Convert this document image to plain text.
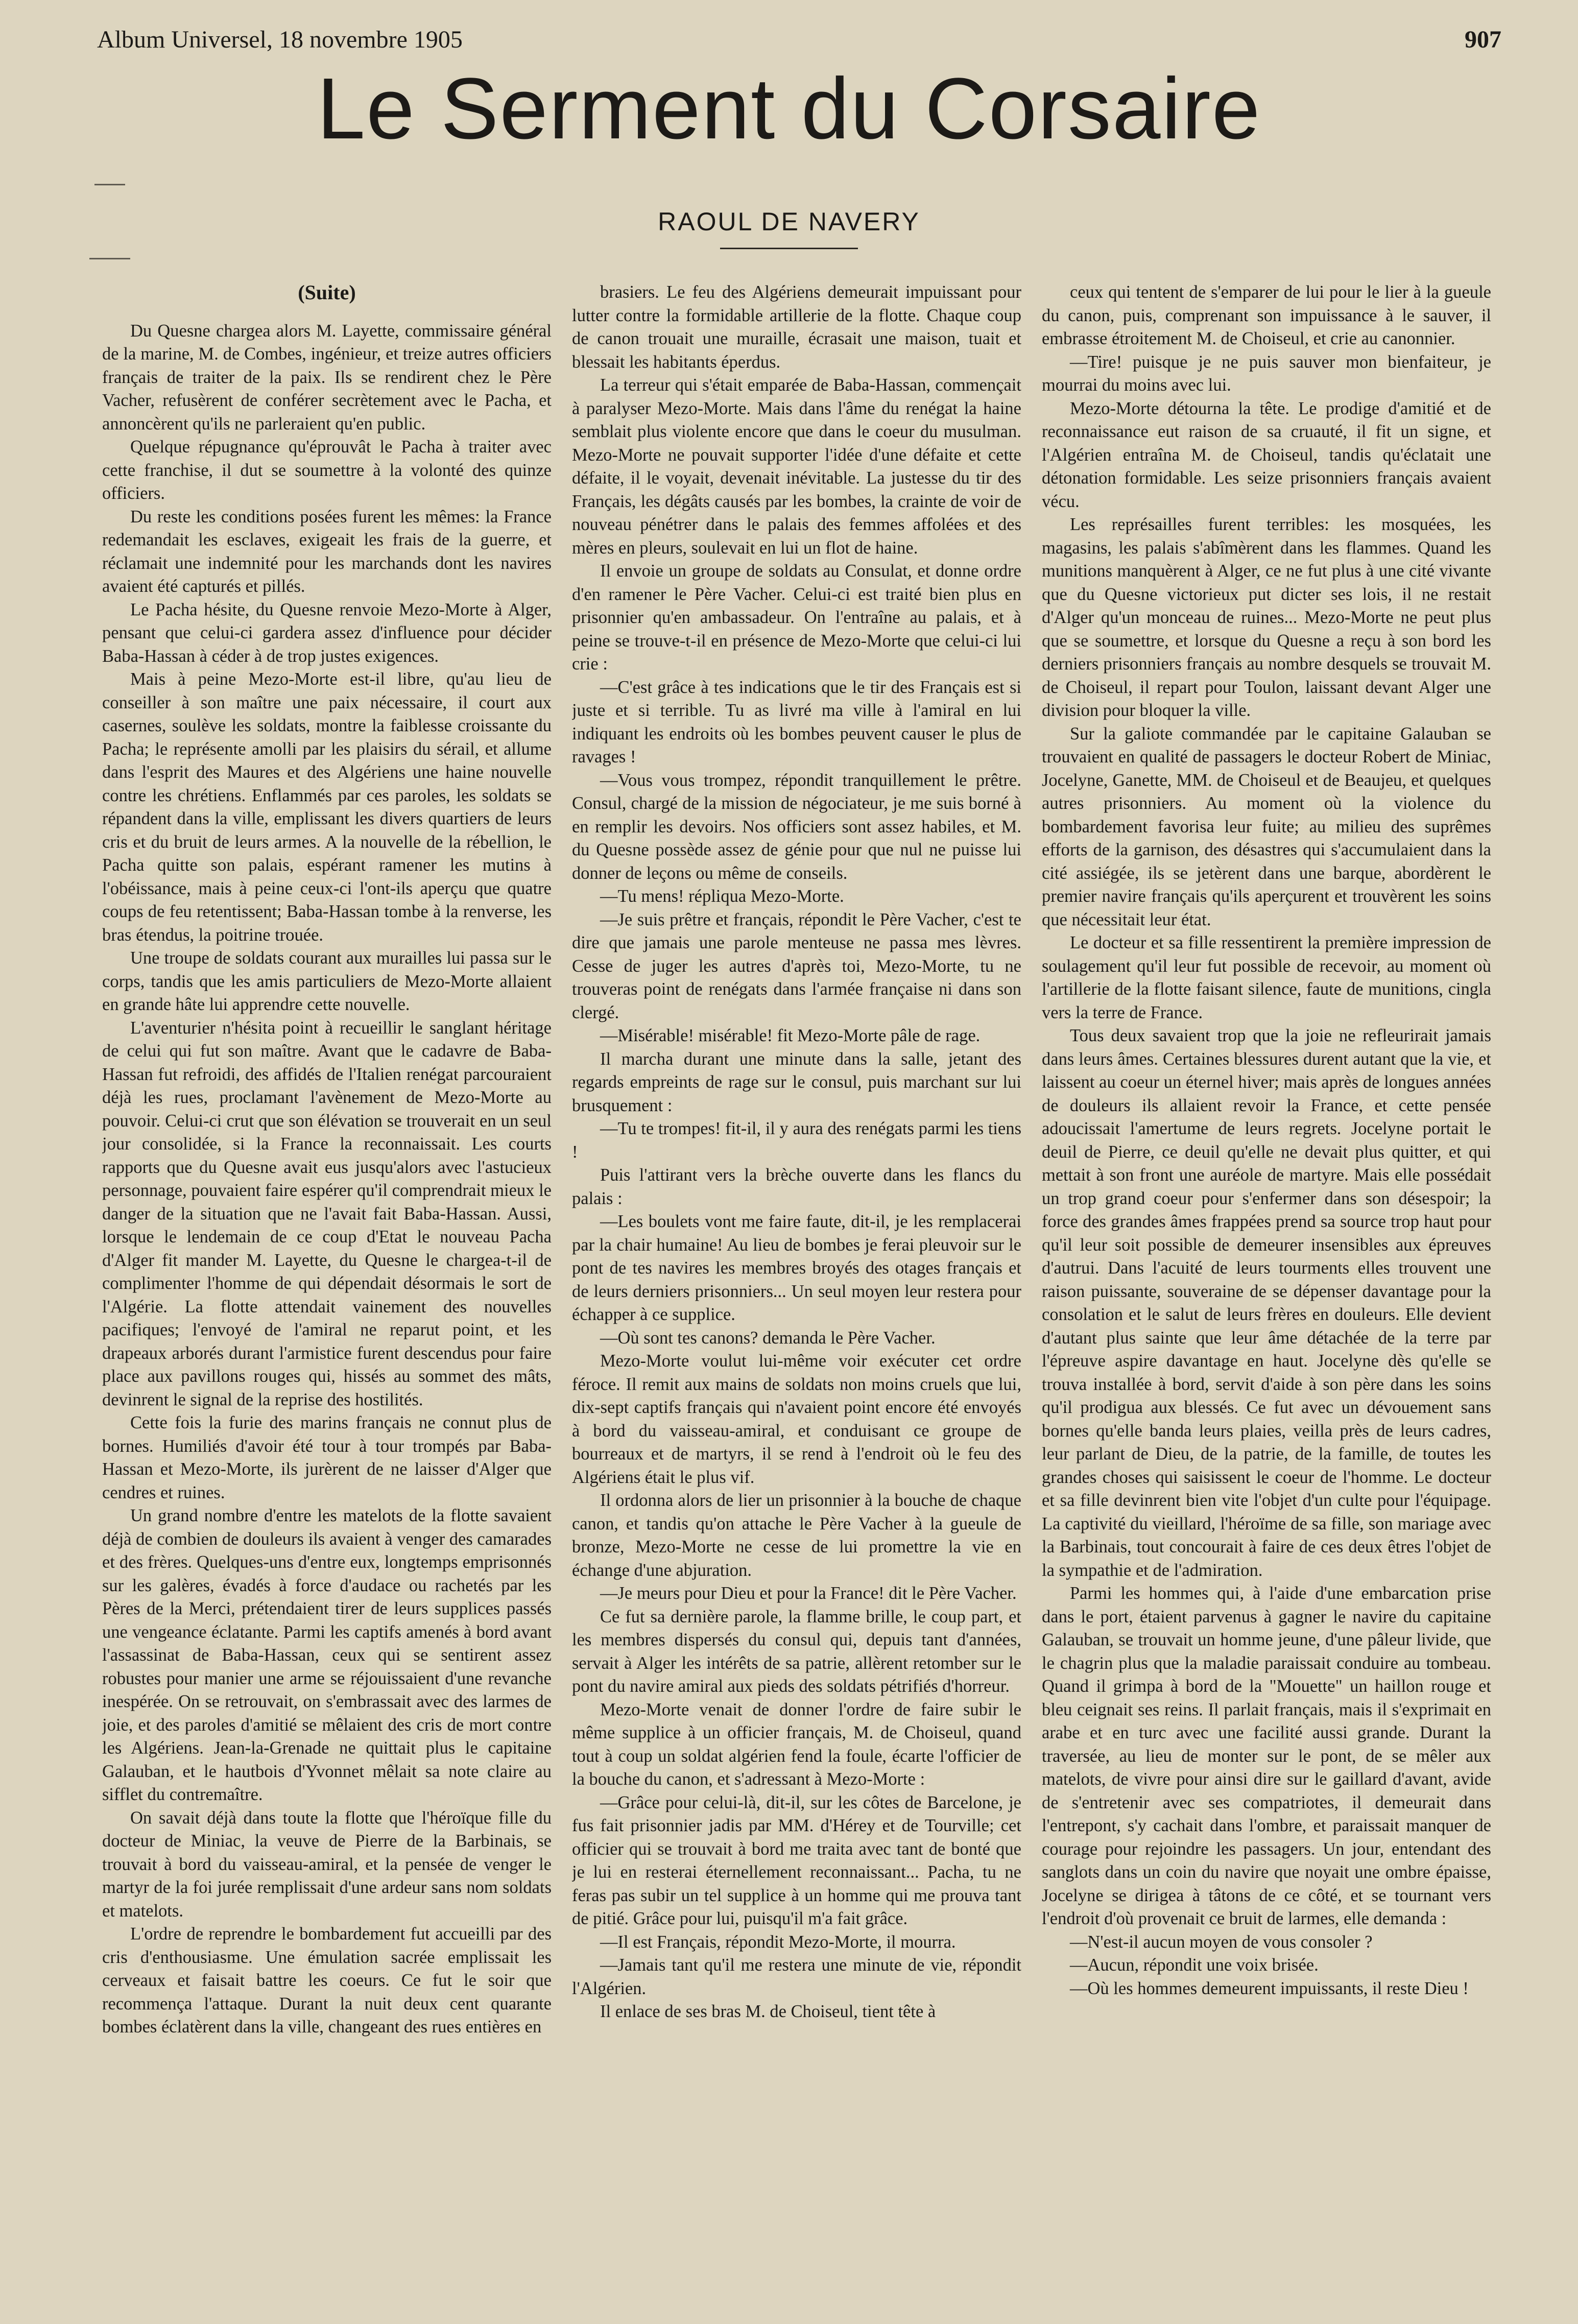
Album Universel, 18 novembre 1905	907
Le Serment du Corsaire
RAOUL DE NAVERY
(Suite)

Du Quesne chargea alors M. Layette, commissaire général de la marine, M. de Combes, ingénieur, et treize autres officiers français de traiter de la paix. Ils se rendirent chez le Père Vacher, refusèrent de conférer secrètement avec le Pacha, et annoncèrent qu'ils ne parleraient qu'en public.

Quelque répugnance qu'éprouvât le Pacha à traiter avec cette franchise, il dut se soumettre à la volonté des quinze officiers.

Du reste les conditions posées furent les mêmes: la France redemandait les esclaves, exigeait les frais de la guerre, et réclamait une indemnité pour les marchands dont les navires avaient été capturés et pillés.

Le Pacha hésite, du Quesne renvoie Mezo-Morte à Alger, pensant que celui-ci gardera assez d'influence pour décider Baba-Hassan à céder à de trop justes exigences.

Mais à peine Mezo-Morte est-il libre, qu'au lieu de conseiller à son maître une paix nécessaire, il court aux casernes, soulève les soldats, montre la faiblesse croissante du Pacha; le représente amolli par les plaisirs du sérail, et allume dans l'esprit des Maures et des Algériens une haine nouvelle contre les chrétiens. Enflammés par ces paroles, les soldats se répandent dans la ville, emplissant les divers quartiers de leurs cris et du bruit de leurs armes. A la nouvelle de la rébellion, le Pacha quitte son palais, espérant ramener les mutins à l'obéissance, mais à peine ceux-ci l'ont-ils aperçu que quatre coups de feu retentissent; Baba-Hassan tombe à la renverse, les bras étendus, la poitrine trouée.

Une troupe de soldats courant aux murailles lui passa sur le corps, tandis que les amis particuliers de Mezo-Morte allaient en grande hâte lui apprendre cette nouvelle.

L'aventurier n'hésita point à recueillir le sanglant héritage de celui qui fut son maître. Avant que le cadavre de Baba-Hassan fut refroidi, des affidés de l'Italien renégat parcouraient déjà les rues, proclamant l'avènement de Mezo-Morte au pouvoir. Celui-ci crut que son élévation se trouverait en un seul jour consolidée, si la France la reconnaissait. Les courts rapports que du Quesne avait eus jusqu'alors avec l'astucieux personnage, pouvaient faire espérer qu'il comprendrait mieux le danger de la situation que ne l'avait fait Baba-Hassan. Aussi, lorsque le lendemain de ce coup d'Etat le nouveau Pacha d'Alger fit mander M. Layette, du Quesne le chargea-t-il de complimenter l'homme de qui dépendait désormais le sort de l'Algérie. La flotte attendait vainement des nouvelles pacifiques; l'envoyé de l'amiral ne reparut point, et les drapeaux arborés durant l'armistice furent descendus pour faire place aux pavillons rouges qui, hissés au sommet des mâts, devinrent le signal de la reprise des hostilités.

Cette fois la furie des marins français ne connut plus de bornes. Humiliés d'avoir été tour à tour trompés par Baba-Hassan et Mezo-Morte, ils jurèrent de ne laisser d'Alger que cendres et ruines.

Un grand nombre d'entre les matelots de la flotte savaient déjà de combien de douleurs ils avaient à venger des camarades et des frères. Quelques-uns d'entre eux, longtemps emprisonnés sur les galères, évadés à force d'audace ou rachetés par les Pères de la Merci, prétendaient tirer de leurs supplices passés une vengeance éclatante. Parmi les captifs amenés à bord avant l'assassinat de Baba-Hassan, ceux qui se sentirent assez robustes pour manier une arme se réjouissaient d'une revanche inespérée. On se retrouvait, on s'embrassait avec des larmes de joie, et des paroles d'amitié se mêlaient des cris de mort contre les Algériens. Jean-la-Grenade ne quittait plus le capitaine Galauban, et le hautbois d'Yvonnet mêlait sa note claire au sifflet du contremaître.

On savait déjà dans toute la flotte que l'héroïque fille du docteur de Miniac, la veuve de Pierre de la Barbinais, se trouvait à bord du vaisseau-amiral, et la pensée de venger le martyr de la foi jurée remplissait d'une ardeur sans nom soldats et matelots.

L'ordre de reprendre le bombardement fut accueilli par des cris d'enthousiasme. Une émulation sacrée emplissait les cerveaux et faisait battre les coeurs. Ce fut le soir que recommença l'attaque. Durant la nuit deux cent quarante bombes éclatèrent dans la ville, changeant des rues entières en

brasiers. Le feu des Algériens demeurait impuissant pour lutter contre la formidable artillerie de la flotte. Chaque coup de canon trouait une muraille, écrasait une maison, tuait et blessait les habitants éperdus.

La terreur qui s'était emparée de Baba-Hassan, commençait à paralyser Mezo-Morte. Mais dans l'âme du renégat la haine semblait plus violente encore que dans le coeur du musulman. Mezo-Morte ne pouvait supporter l'idée d'une défaite et cette défaite, il le voyait, devenait inévitable. La justesse du tir des Français, les dégâts causés par les bombes, la crainte de voir de nouveau pénétrer dans le palais des femmes affolées et des mères en pleurs, soulevait en lui un flot de haine.

Il envoie un groupe de soldats au Consulat, et donne ordre d'en ramener le Père Vacher. Celui-ci est traité bien plus en prisonnier qu'en ambassadeur. On l'entraîne au palais, et à peine se trouve-t-il en présence de Mezo-Morte que celui-ci lui crie :

—C'est grâce à tes indications que le tir des Français est si juste et si terrible. Tu as livré ma ville à l'amiral en lui indiquant les endroits où les bombes peuvent causer le plus de ravages !

—Vous vous trompez, répondit tranquillement le prêtre. Consul, chargé de la mission de négociateur, je me suis borné à en remplir les devoirs. Nos officiers sont assez habiles, et M. du Quesne possède assez de génie pour que nul ne puisse lui donner de leçons ou même de conseils.

—Tu mens! répliqua Mezo-Morte.

—Je suis prêtre et français, répondit le Père Vacher, c'est te dire que jamais une parole menteuse ne passa mes lèvres. Cesse de juger les autres d'après toi, Mezo-Morte, tu ne trouveras point de renégats dans l'armée française ni dans son clergé.

—Misérable! misérable! fit Mezo-Morte pâle de rage.

Il marcha durant une minute dans la salle, jetant des regards empreints de rage sur le consul, puis marchant sur lui brusquement :

—Tu te trompes! fit-il, il y aura des renégats parmi les tiens !

Puis l'attirant vers la brèche ouverte dans les flancs du palais :

—Les boulets vont me faire faute, dit-il, je les remplacerai par la chair humaine! Au lieu de bombes je ferai pleuvoir sur le pont de tes navires les membres broyés des otages français et de leurs derniers prisonniers... Un seul moyen leur restera pour échapper à ce supplice.

—Où sont tes canons? demanda le Père Vacher.

Mezo-Morte voulut lui-même voir exécuter cet ordre féroce. Il remit aux mains de soldats non moins cruels que lui, dix-sept captifs français qui n'avaient point encore été envoyés à bord du vaisseau-amiral, et conduisant ce groupe de bourreaux et de martyrs, il se rend à l'endroit où le feu des Algériens était le plus vif.

Il ordonna alors de lier un prisonnier à la bouche de chaque canon, et tandis qu'on attache le Père Vacher à la gueule de bronze, Mezo-Morte ne cesse de lui promettre la vie en échange d'une abjuration.

—Je meurs pour Dieu et pour la France! dit le Père Vacher.

Ce fut sa dernière parole, la flamme brille, le coup part, et les membres dispersés du consul qui, depuis tant d'années, servait à Alger les intérêts de sa patrie, allèrent retomber sur le pont du navire amiral aux pieds des soldats pétrifiés d'horreur.

Mezo-Morte venait de donner l'ordre de faire subir le même supplice à un officier français, M. de Choiseul, quand tout à coup un soldat algérien fend la foule, écarte l'officier de la bouche du canon, et s'adressant à Mezo-Morte :

—Grâce pour celui-là, dit-il, sur les côtes de Barcelone, je fus fait prisonnier jadis par MM. d'Hérey et de Tourville; cet officier qui se trouvait à bord me traita avec tant de bonté que je lui en resterai éternellement reconnaissant... Pacha, tu ne feras pas subir un tel supplice à un homme qui me prouva tant de pitié. Grâce pour lui, puisqu'il m'a fait grâce.

—Il est Français, répondit Mezo-Morte, il mourra.

—Jamais tant qu'il me restera une minute de vie, répondit l'Algérien.

Il enlace de ses bras M. de Choiseul, tient tête à

ceux qui tentent de s'emparer de lui pour le lier à la gueule du canon, puis, comprenant son impuissance à le sauver, il embrasse étroitement M. de Choiseul, et crie au canonnier.

—Tire! puisque je ne puis sauver mon bienfaiteur, je mourrai du moins avec lui.

Mezo-Morte détourna la tête. Le prodige d'amitié et de reconnaissance eut raison de sa cruauté, il fit un signe, et l'Algérien entraîna M. de Choiseul, tandis qu'éclatait une détonation formidable. Les seize prisonniers français avaient vécu.

Les représailles furent terribles: les mosquées, les magasins, les palais s'abîmèrent dans les flammes. Quand les munitions manquèrent à Alger, ce ne fut plus à une cité vivante que du Quesne victorieux put dicter ses lois, il ne restait d'Alger qu'un monceau de ruines... Mezo-Morte ne peut plus que se soumettre, et lorsque du Quesne a reçu à son bord les derniers prisonniers français au nombre desquels se trouvait M. de Choiseul, il repart pour Toulon, laissant devant Alger une division pour bloquer la ville.

Sur la galiote commandée par le capitaine Galauban se trouvaient en qualité de passagers le docteur Robert de Miniac, Jocelyne, Ganette, MM. de Choiseul et de Beaujeu, et quelques autres prisonniers. Au moment où la violence du bombardement favorisa leur fuite; au milieu des suprêmes efforts de la garnison, des désastres qui s'accumulaient dans la cité assiégée, ils se jetèrent dans une barque, abordèrent le premier navire français qu'ils aperçurent et trouvèrent les soins que nécessitait leur état.

Le docteur et sa fille ressentirent la première impression de soulagement qu'il leur fut possible de recevoir, au moment où l'artillerie de la flotte faisant silence, faute de munitions, cingla vers la terre de France.

Tous deux savaient trop que la joie ne refleurirait jamais dans leurs âmes. Certaines blessures durent autant que la vie, et laissent au coeur un éternel hiver; mais après de longues années de douleurs ils allaient revoir la France, et cette pensée adoucissait l'amertume de leurs regrets. Jocelyne portait le deuil de Pierre, ce deuil qu'elle ne devait plus quitter, et qui mettait à son front une auréole de martyre. Mais elle possédait un trop grand coeur pour s'enfermer dans son désespoir; la force des grandes âmes frappées prend sa source trop haut pour qu'il leur soit possible de demeurer insensibles aux épreuves d'autrui. Dans l'acuité de leurs tourments elles trouvent une raison puissante, souveraine de se dépenser davantage pour la consolation et le salut de leurs frères en douleurs. Elle devient d'autant plus sainte que leur âme détachée de la terre par l'épreuve aspire davantage en haut. Jocelyne dès qu'elle se trouva installée à bord, servit d'aide à son père dans les soins qu'il prodigua aux blessés. Ce fut avec un dévouement sans bornes qu'elle banda leurs plaies, veilla près de leurs cadres, leur parlant de Dieu, de la patrie, de la famille, de toutes les grandes choses qui saisissent le coeur de l'homme. Le docteur et sa fille devinrent bien vite l'objet d'un culte pour l'équipage. La captivité du vieillard, l'héroïme de sa fille, son mariage avec la Barbinais, tout concourait à faire de ces deux êtres l'objet de la sympathie et de l'admiration.

Parmi les hommes qui, à l'aide d'une embarcation prise dans le port, étaient parvenus à gagner le navire du capitaine Galauban, se trouvait un homme jeune, d'une pâleur livide, que le chagrin plus que la maladie paraissait conduire au tombeau. Quand il grimpa à bord de la "Mouette" un haillon rouge et bleu ceignait ses reins. Il parlait français, mais il s'exprimait en arabe et en turc avec une facilité aussi grande. Durant la traversée, au lieu de monter sur le pont, de se mêler aux matelots, de vivre pour ainsi dire sur le gaillard d'avant, avide de s'entretenir avec ses compatriotes, il demeurait dans l'entrepont, s'y cachait dans l'ombre, et paraissait manquer de courage pour rejoindre les passagers. Un jour, entendant des sanglots dans un coin du navire que noyait une ombre épaisse, Jocelyne se dirigea à tâtons de ce côté, et se tournant vers l'endroit d'où provenait ce bruit de larmes, elle demanda :

—N'est-il aucun moyen de vous consoler ?

—Aucun, répondit une voix brisée.

—Où les hommes demeurent impuissants, il reste Dieu !
